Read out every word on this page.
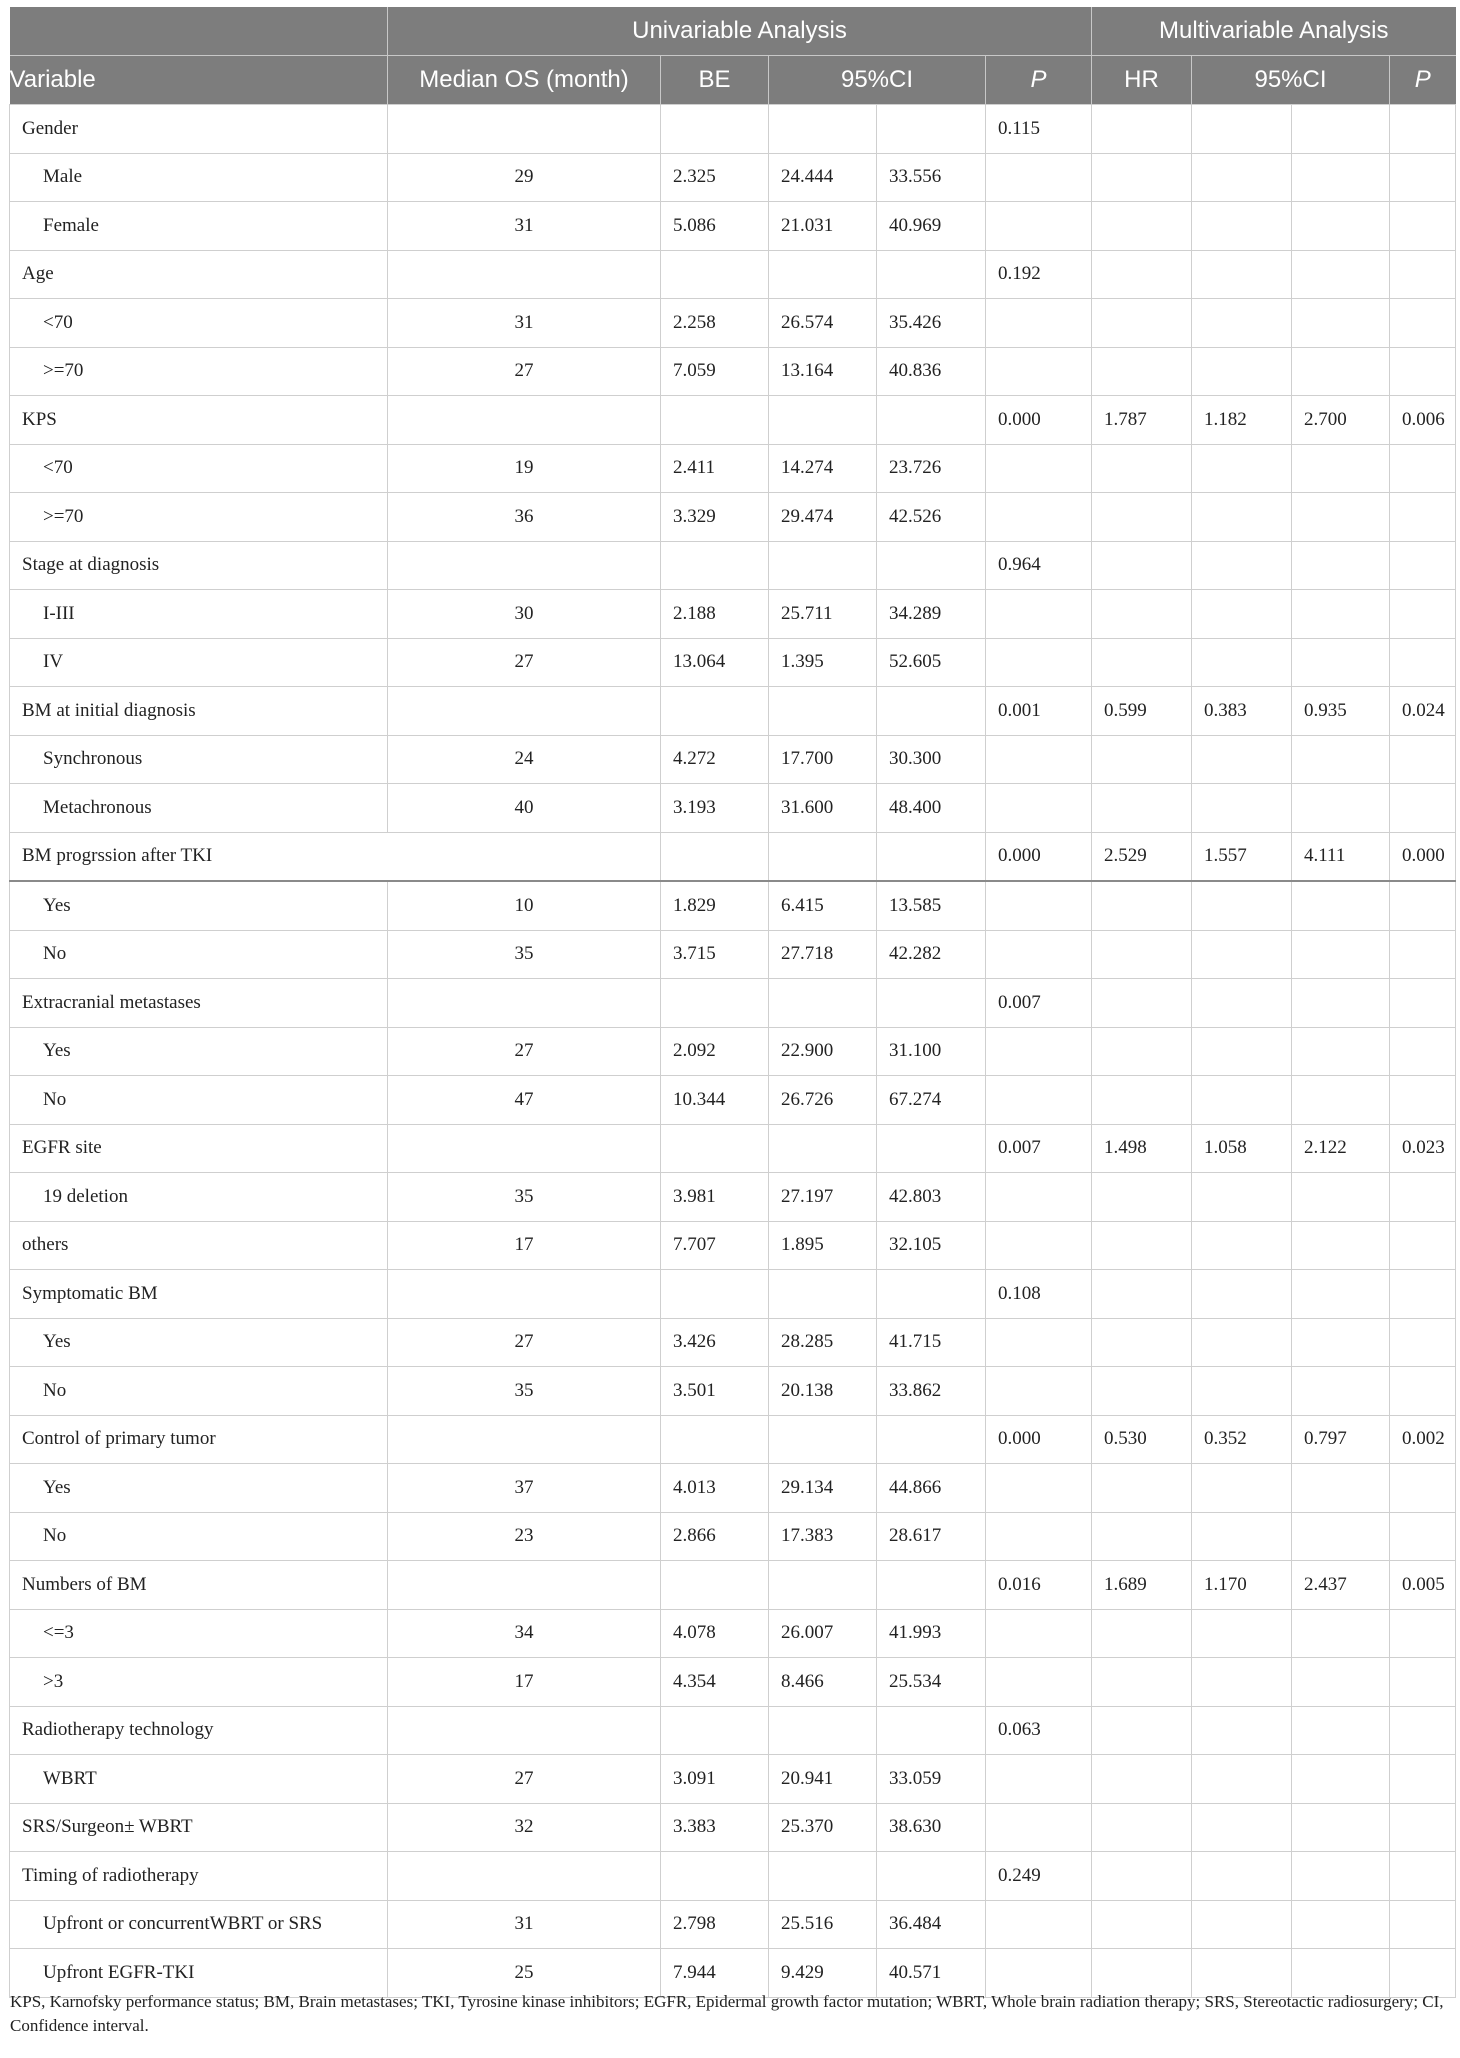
	Univariable Analysis					Multivariable Analysis			
Variable	Median OS (month)	BE	95%CI		P	HR	95%CI		P
Gender					0.115				
Male	29	2.325	24.444	33.556					
Female	31	5.086	21.031	40.969					
Age					0.192				
<70	31	2.258	26.574	35.426					
>=70	27	7.059	13.164	40.836					
KPS					0.000	1.787	1.182	2.700	0.006
<70	19	2.411	14.274	23.726					
>=70	36	3.329	29.474	42.526					
Stage at diagnosis					0.964				
I-III	30	2.188	25.711	34.289					
IV	27	13.064	1.395	52.605					
BM at initial diagnosis					0.001	0.599	0.383	0.935	0.024
Synchronous	24	4.272	17.700	30.300					
Metachronous	40	3.193	31.600	48.400					
BM progrssion after TKI					0.000	2.529	1.557	4.111	0.000
Yes	10	1.829	6.415	13.585					
No	35	3.715	27.718	42.282					
Extracranial metastases					0.007				
Yes	27	2.092	22.900	31.100					
No	47	10.344	26.726	67.274					
EGFR site					0.007	1.498	1.058	2.122	0.023
19 deletion	35	3.981	27.197	42.803					
others	17	7.707	1.895	32.105					
Symptomatic BM					0.108				
Yes	27	3.426	28.285	41.715					
No	35	3.501	20.138	33.862					
Control of primary tumor					0.000	0.530	0.352	0.797	0.002
Yes	37	4.013	29.134	44.866					
No	23	2.866	17.383	28.617					
Numbers of BM					0.016	1.689	1.170	2.437	0.005
<=3	34	4.078	26.007	41.993					
>3	17	4.354	8.466	25.534					
Radiotherapy technology					0.063				
WBRT	27	3.091	20.941	33.059					
SRS/Surgeon± WBRT	32	3.383	25.370	38.630					
Timing of radiotherapy					0.249				
Upfront or concurrentWBRT or SRS	31	2.798	25.516	36.484					
Upfront EGFR-TKI	25	7.944	9.429	40.571					

KPS, Karnofsky performance status; BM, Brain metastases; TKI, Tyrosine kinase inhibitors; EGFR, Epidermal growth factor mutation; WBRT, Whole brain radiation therapy; SRS, Stereotactic radiosurgery; CI, Confidence interval.
